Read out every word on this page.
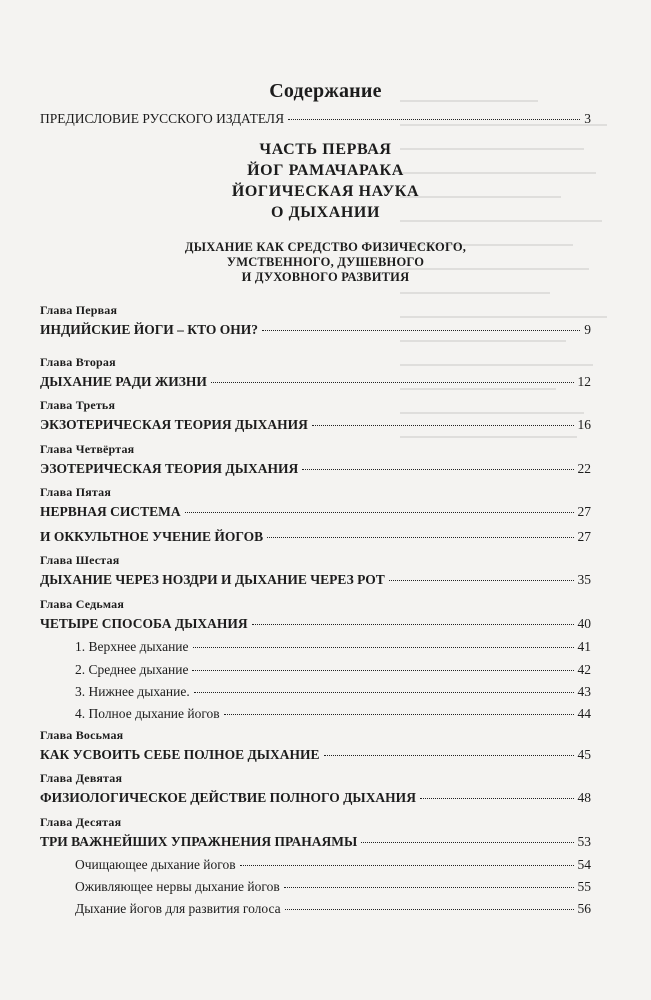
Содержание
ПРЕДИСЛОВИЕ РУССКОГО ИЗДАТЕЛЯ	3
ЧАСТЬ ПЕРВАЯ
ЙОГ РАМАЧАРАКА
ЙОГИЧЕСКАЯ НАУКА
О ДЫХАНИИ
ДЫХАНИЕ КАК СРЕДСТВО ФИЗИЧЕСКОГО,
УМСТВЕННОГО, ДУШЕВНОГО
И ДУХОВНОГО РАЗВИТИЯ
Глава Первая
ИНДИЙСКИЕ ЙОГИ – КТО ОНИ?	9
Глава Вторая
ДЫХАНИЕ РАДИ ЖИЗНИ	12
Глава Третья
ЭКЗОТЕРИЧЕСКАЯ ТЕОРИЯ ДЫХАНИЯ	16
Глава Четвёртая
ЭЗОТЕРИЧЕСКАЯ ТЕОРИЯ ДЫХАНИЯ	22
Глава Пятая
НЕРВНАЯ СИСТЕМА	27
И ОККУЛЬТНОЕ УЧЕНИЕ ЙОГОВ	27
Глава Шестая
ДЫХАНИЕ ЧЕРЕЗ НОЗДРИ И ДЫХАНИЕ ЧЕРЕЗ РОТ	35
Глава Седьмая
ЧЕТЫРЕ СПОСОБА ДЫХАНИЯ	40
1. Верхнее дыхание	41
2. Среднее дыхание	42
3. Нижнее дыхание.	43
4. Полное дыхание йогов	44
Глава Восьмая
КАК УСВОИТЬ СЕБЕ ПОЛНОЕ ДЫХАНИЕ	45
Глава Девятая
ФИЗИОЛОГИЧЕСКОЕ ДЕЙСТВИЕ ПОЛНОГО ДЫХАНИЯ	48
Глава Десятая
ТРИ ВАЖНЕЙШИХ УПРАЖНЕНИЯ ПРАНАЯМЫ	53
Очищающее дыхание йогов	54
Оживляющее нервы дыхание йогов	55
Дыхание йогов для развития голоса	56
